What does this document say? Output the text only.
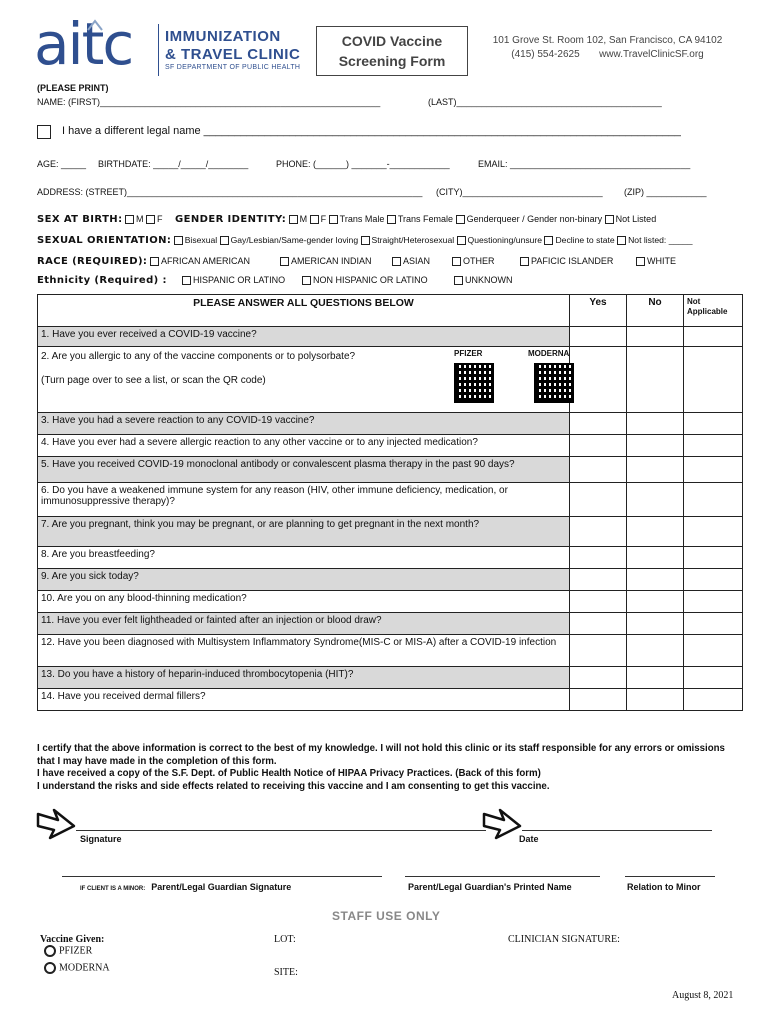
aitc IMMUNIZATION
& TRAVEL CLINIC
SF DEPARTMENT OF PUBLIC HEALTH
COVID Vaccine
Screening Form
101 Grove St. Room 102, San Francisco, CA 94102
(415) 554-2625       www.TravelClinicSF.org
(PLEASE PRINT)
NAME: (FIRST)________________________________________________________	(LAST)_________________________________________
I have a different legal name ______________________________________________________________________________
AGE: _____ BIRTHDATE: _____/_____/________	PHONE: (______) _______-____________	EMAIL: ____________________________________
ADDRESS: (STREET)___________________________________________________________ (CITY)____________________________ (ZIP) ____________
SEX AT BIRTH: M F GENDER IDENTITY: M F Trans Male Trans Female Genderqueer / Gender non-binary Not Listed
SEXUAL ORIENTATION: Bisexual Gay/Lesbian/Same-gender loving Straight/Heterosexual Questioning/unsure Decline to state Not listed: _____
RACE (REQUIRED):	AFRICAN AMERICAN	AMERICAN INDIAN	ASIAN	OTHER	PAFICIC ISLANDER	WHITE
Ethnicity (Required) :	HISPANIC OR LATINO	NON HISPANIC OR LATINO	UNKNOWN
PLEASE ANSWER ALL QUESTIONS BELOW	Yes	No	Not
Applicable

1. Have you ever received a COVID-19 vaccine?			

2. Are you allergic to any of the vaccine components or to polysorbate?
(Turn page over to see a list, or scan the QR code)
PFIZER MODERNA			

3. Have you had a severe reaction to any COVID-19 vaccine?			
4. Have you ever had a severe allergic reaction to any other vaccine or to any injected medication?			
5. Have you received COVID-19 monoclonal antibody or convalescent plasma therapy in the past 90 days?			
6. Do you have a weakened immune system for any reason (HIV, other immune deficiency, medication, or immunosuppressive therapy)?			
7. Are you pregnant, think you may be pregnant, or are planning to get pregnant in the next month?			
8. Are you breastfeeding?			
9. Are you sick today?			
10. Are you on any blood-thinning medication?			
11. Have you ever felt lightheaded or fainted after an injection or blood draw?			
12. Have you been diagnosed with Multisystem Inflammatory Syndrome(MIS-C or MIS-A) after a COVID-19 infection			
13. Do you have a history of heparin-induced thrombocytopenia (HIT)?			
14. Have you received dermal fillers?			
I certify that the above information is correct to the best of my knowledge. I will not hold this clinic or its staff responsible for any errors or omissions that I may have made in the completion of this form.
I have received a copy of the S.F. Dept. of Public Health Notice of HIPAA Privacy Practices. (Back of this form)
I understand the risks and side effects related to receiving this vaccine and I am consenting to get this vaccine.
Signature	Date
IF CLIENT IS A MINOR: Parent/Legal Guardian Signature	Parent/Legal Guardian's Printed Name	Relation to Minor
STAFF USE ONLY
Vaccine Given:
PFIZER
MODERNA
LOT:
SITE:
CLINICIAN SIGNATURE:
August 8, 2021
